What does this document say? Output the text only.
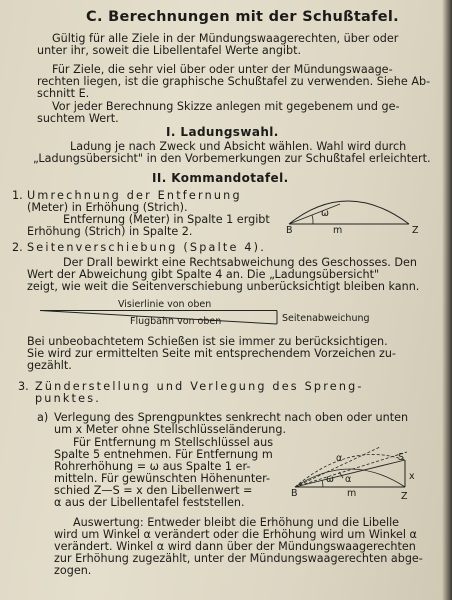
C. Berechnungen mit der Schußtafel.
Gültig für alle Ziele in der Mündungswaagerechten, über oder
unter ihr, soweit die Libellentafel Werte angibt.
Für Ziele, die sehr viel über oder unter der Mündungswaage-
rechten liegen, ist die graphische Schußtafel zu verwenden. Siehe Ab-
schnitt E.
Vor jeder Berechnung Skizze anlegen mit gegebenem und ge-
suchtem Wert.
I. Ladungswahl.
Ladung je nach Zweck und Absicht wählen. Wahl wird durch
„Ladungsübersicht" in den Vorbemerkungen zur Schußtafel erleichtert.
II. Kommandotafel.
1. Umrechnung der Entfernung
(Meter) in Erhöhung (Strich).
Entfernung (Meter) in Spalte 1 ergibt
Erhöhung (Strich) in Spalte 2.
ω
B	m	Z
2. Seitenverschiebung (Spalte 4).
Der Drall bewirkt eine Rechtsabweichung des Geschosses. Den
Wert der Abweichung gibt Spalte 4 an. Die „Ladungsübersicht"
zeigt, wie weit die Seitenverschiebung unberücksichtigt bleiben kann.
Visierlinie von oben
Flugbahn von oben	Seitenabweichung
Bei unbeobachtetem Schießen ist sie immer zu berücksichtigen.
Sie wird zur ermittelten Seite mit entsprechendem Vorzeichen zu-
gezählt.
3. Zünderstellung und Verlegung des Spreng-
punktes.
a) Verlegung des Sprengpunktes senkrecht nach oben oder unten
um x Meter ohne Stellschlüsseländerung.
Für Entfernung m Stellschlüssel aus
Spalte 5 entnehmen. Für Entfernung m
Rohrerhöhung = ω aus Spalte 1 er-
mitteln. Für gewünschten Höhenunter-
schied Z—S = x den Libellenwert =
α aus der Libellentafel feststellen.
Auswertung: Entweder bleibt die Erhöhung und die Libelle
wird um Winkel α verändert oder die Erhöhung wird um Winkel α
verändert. Winkel α wird dann über der Mündungswaagerechten
zur Erhöhung zugezählt, unter der Mündungswaagerechten abge-
zogen.
α
ω α
B	m	Z
S
x
